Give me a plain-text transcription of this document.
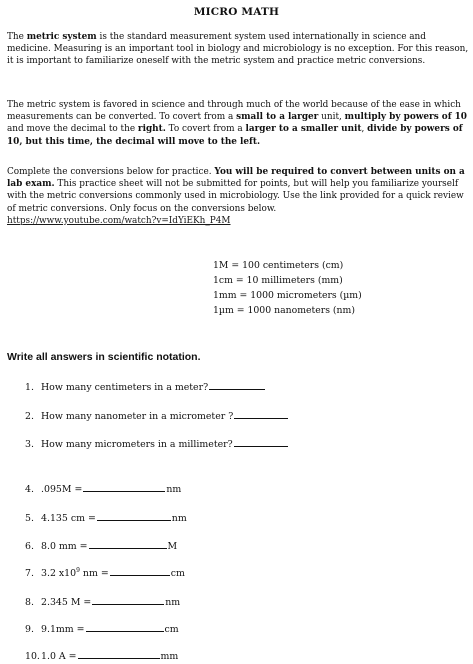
MICRO MATH
The metric system is the standard measurement system used internationally in science and medicine. Measuring is an important tool in biology and microbiology is no exception. For this reason, it is important to familiarize oneself with the metric system and practice metric conversions.
The metric system is favored in science and through much of the world because of the ease in which measurements can be converted. To covert from a small to a larger unit, multiply by powers of 10 and move the decimal to the right. To covert from a larger to a smaller unit, divide by powers of 10, but this time, the decimal will move to the left.
Complete the conversions below for practice. You will be required to convert between units on a lab exam. This practice sheet will not be submitted for points, but will help you familiarize yourself with the metric conversions commonly used in microbiology. Use the link provided for a quick review of metric conversions. Only focus on the conversions below.
https://www.youtube.com/watch?v=IdYiEKh_P4M
1M = 100 centimeters (cm)
1cm = 10 millimeters (mm)
1mm = 1000 micrometers (µm)
1µm = 1000 nanometers (nm)
Write all answers in scientific notation.
1. How many centimeters in a meter?
2. How many nanometer in a micrometer ?
3. How many micrometers in a millimeter?
4. .095M =	nm
5. 4.135 cm =	nm
6. 8.0 mm =	M
7. 3.2 $x10^9$ nm =	cm
8. 2.345 M =	nm
9. 9.1mm =	cm
10.1.0 A =	mm
